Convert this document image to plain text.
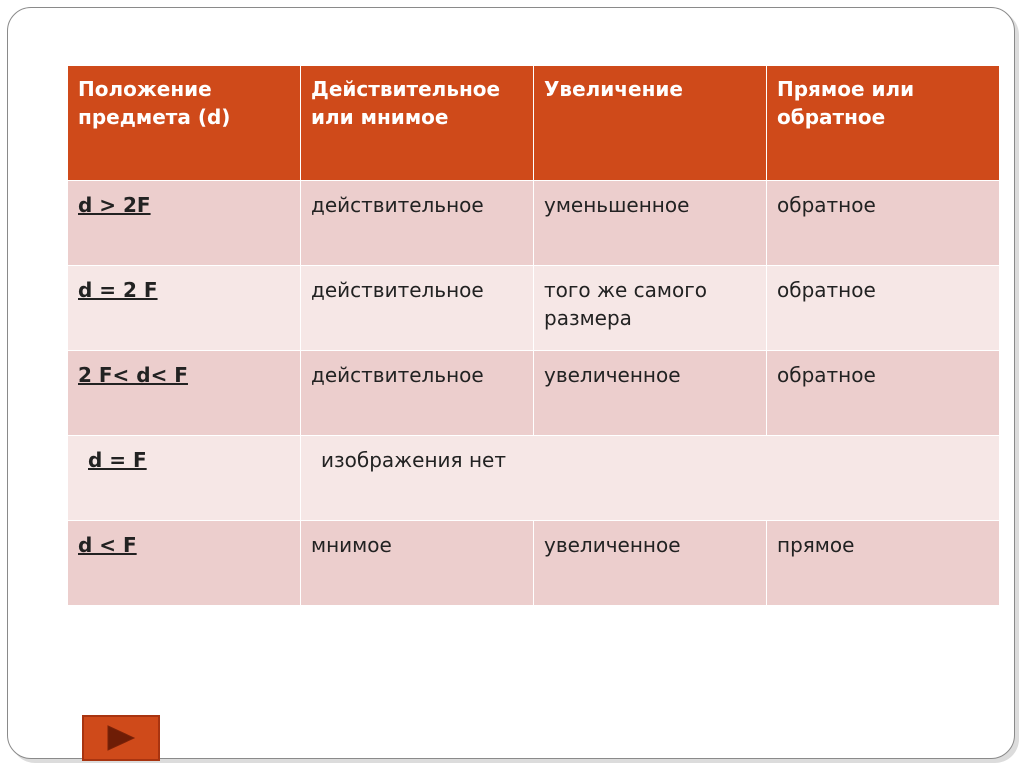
Положение предмета (d)	Действительное или мнимое	Увеличение	Прямое или обратное
d > 2F	действительное	уменьшенное	обратное
d = 2 F	действительное	того же самого размера	обратное
2 F< d< F	действительное	увеличенное	обратное
d = F	изображения нет		
d < F	мнимое	увеличенное	прямое
